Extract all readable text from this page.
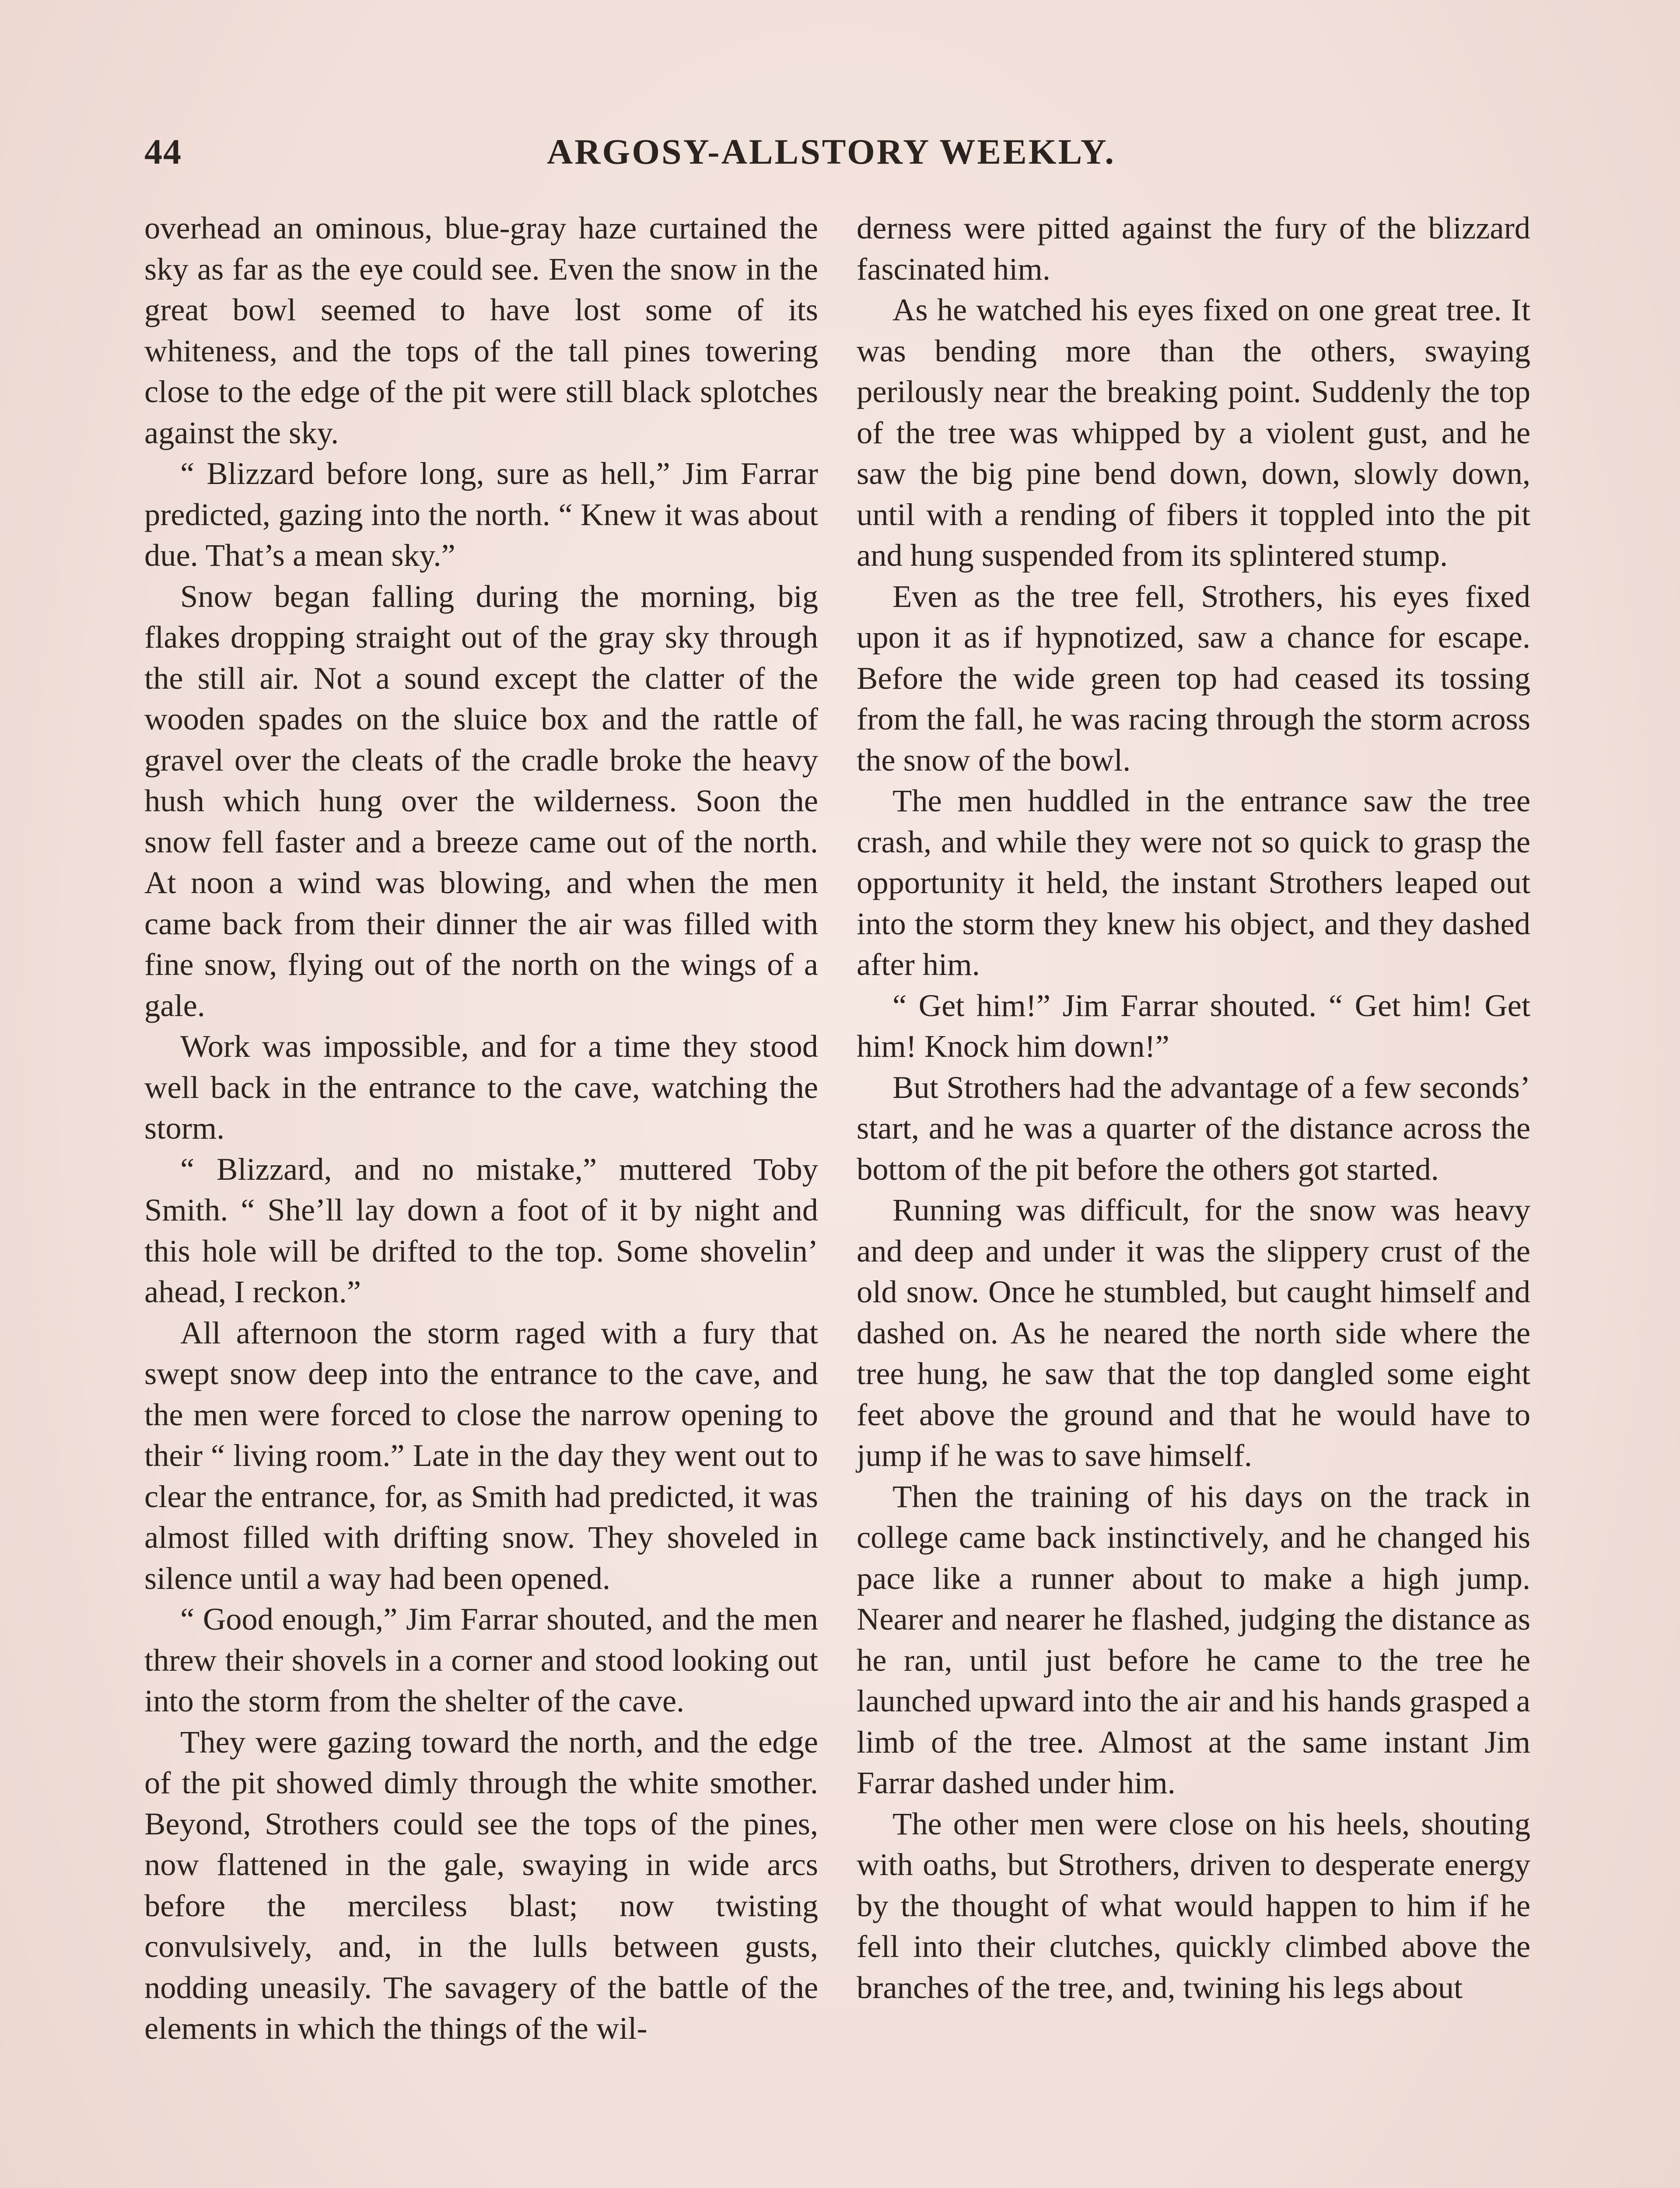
44	ARGOSY-ALLSTORY WEEKLY.

overhead an ominous, blue-gray haze curtained the sky as far as the eye could see. Even the snow in the great bowl seemed to have lost some of its whiteness, and the tops of the tall pines towering close to the edge of the pit were still black splotches against the sky.

“ Blizzard before long, sure as hell,” Jim Farrar predicted, gazing into the north. “ Knew it was about due. That’s a mean sky.”

Snow began falling during the morning, big flakes dropping straight out of the gray sky through the still air. Not a sound except the clatter of the wooden spades on the sluice box and the rattle of gravel over the cleats of the cradle broke the heavy hush which hung over the wilderness. Soon the snow fell faster and a breeze came out of the north. At noon a wind was blowing, and when the men came back from their dinner the air was filled with fine snow, flying out of the north on the wings of a gale.

Work was impossible, and for a time they stood well back in the entrance to the cave, watching the storm.

“ Blizzard, and no mistake,” muttered Toby Smith. “ She’ll lay down a foot of it by night and this hole will be drifted to the top. Some shovelin’ ahead, I reckon.”

All afternoon the storm raged with a fury that swept snow deep into the entrance to the cave, and the men were forced to close the narrow opening to their “ living room.” Late in the day they went out to clear the entrance, for, as Smith had predicted, it was almost filled with drifting snow. They shoveled in silence until a way had been opened.

“ Good enough,” Jim Farrar shouted, and the men threw their shovels in a corner and stood looking out into the storm from the shelter of the cave.

They were gazing toward the north, and the edge of the pit showed dimly through the white smother. Beyond, Strothers could see the tops of the pines, now flattened in the gale, swaying in wide arcs before the merciless blast; now twisting convulsively, and, in the lulls between gusts, nodding uneasily. The savagery of the battle of the elements in which the things of the wil-

derness were pitted against the fury of the blizzard fascinated him.

As he watched his eyes fixed on one great tree. It was bending more than the others, swaying perilously near the breaking point. Suddenly the top of the tree was whipped by a violent gust, and he saw the big pine bend down, down, slowly down, until with a rending of fibers it toppled into the pit and hung suspended from its splintered stump.

Even as the tree fell, Strothers, his eyes fixed upon it as if hypnotized, saw a chance for escape. Before the wide green top had ceased its tossing from the fall, he was racing through the storm across the snow of the bowl.

The men huddled in the entrance saw the tree crash, and while they were not so quick to grasp the opportunity it held, the instant Strothers leaped out into the storm they knew his object, and they dashed after him.

“ Get him!” Jim Farrar shouted. “ Get him! Get him! Knock him down!”

But Strothers had the advantage of a few seconds’ start, and he was a quarter of the distance across the bottom of the pit before the others got started.

Running was difficult, for the snow was heavy and deep and under it was the slippery crust of the old snow. Once he stumbled, but caught himself and dashed on. As he neared the north side where the tree hung, he saw that the top dangled some eight feet above the ground and that he would have to jump if he was to save himself.

Then the training of his days on the track in college came back instinctively, and he changed his pace like a runner about to make a high jump. Nearer and nearer he flashed, judging the distance as he ran, until just before he came to the tree he launched upward into the air and his hands grasped a limb of the tree. Almost at the same instant Jim Farrar dashed under him.

The other men were close on his heels, shouting with oaths, but Strothers, driven to desperate energy by the thought of what would happen to him if he fell into their clutches, quickly climbed above the branches of the tree, and, twining his legs about
